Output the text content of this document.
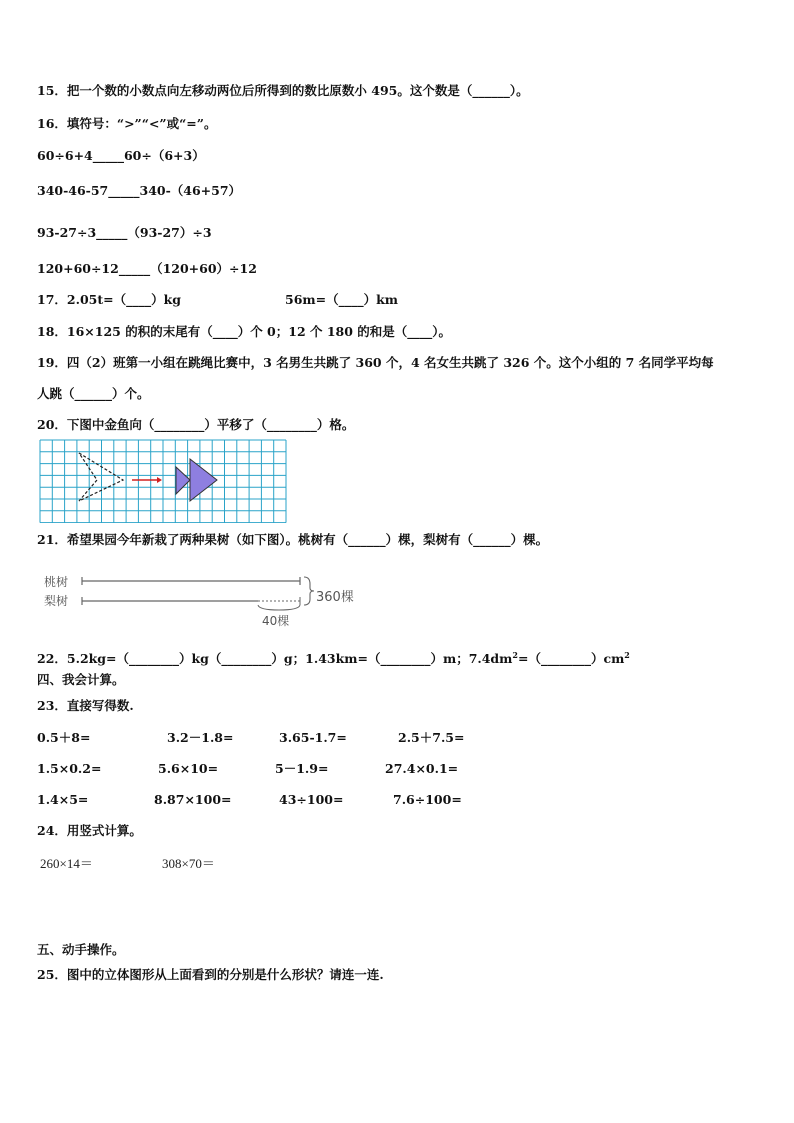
15．把一个数的小数点向左移动两位后所得到的数比原数小 495。这个数是（______）。
16．填符号：“>”“<”或“=”。
60÷6+4_____60÷（6+3）
340-46-57_____340-（46+57）
93-27÷3_____（93-27）÷3
120+60÷12_____（120+60）÷12
17．2.05t=（____）kg	56m=（____）km
18．16×125 的积的末尾有（____）个 0；12 个 180 的和是（____）。
19．四（2）班第一小组在跳绳比赛中，3 名男生共跳了 360 个，4 名女生共跳了 326 个。这个小组的 7 名同学平均每
人跳（______）个。
20．下图中金鱼向（________）平移了（________）格。
21．希望果园今年新栽了两种果树（如下图）。桃树有（______）棵，梨树有（______）棵。
桃树
梨树	360棵
40棵
22．5.2kg=（________）kg（________）g；1.43km=（________）m；$7.4dm^2=(\_\_\_\_\_\_\_\_)cm^2$
四、我会计算。
23．直接写得数.
0.5＋8=	3.2－1.8=	3.65-1.7=	2.5＋7.5=
1.5×0.2=	5.6×10=	5－1.9=	27.4×0.1=
1.4×5=	8.87×100=	43÷100=	7.6÷100=
24．用竖式计算。
260×14＝	308×70＝
五、动手操作。
25．图中的立体图形从上面看到的分别是什么形状？请连一连.
